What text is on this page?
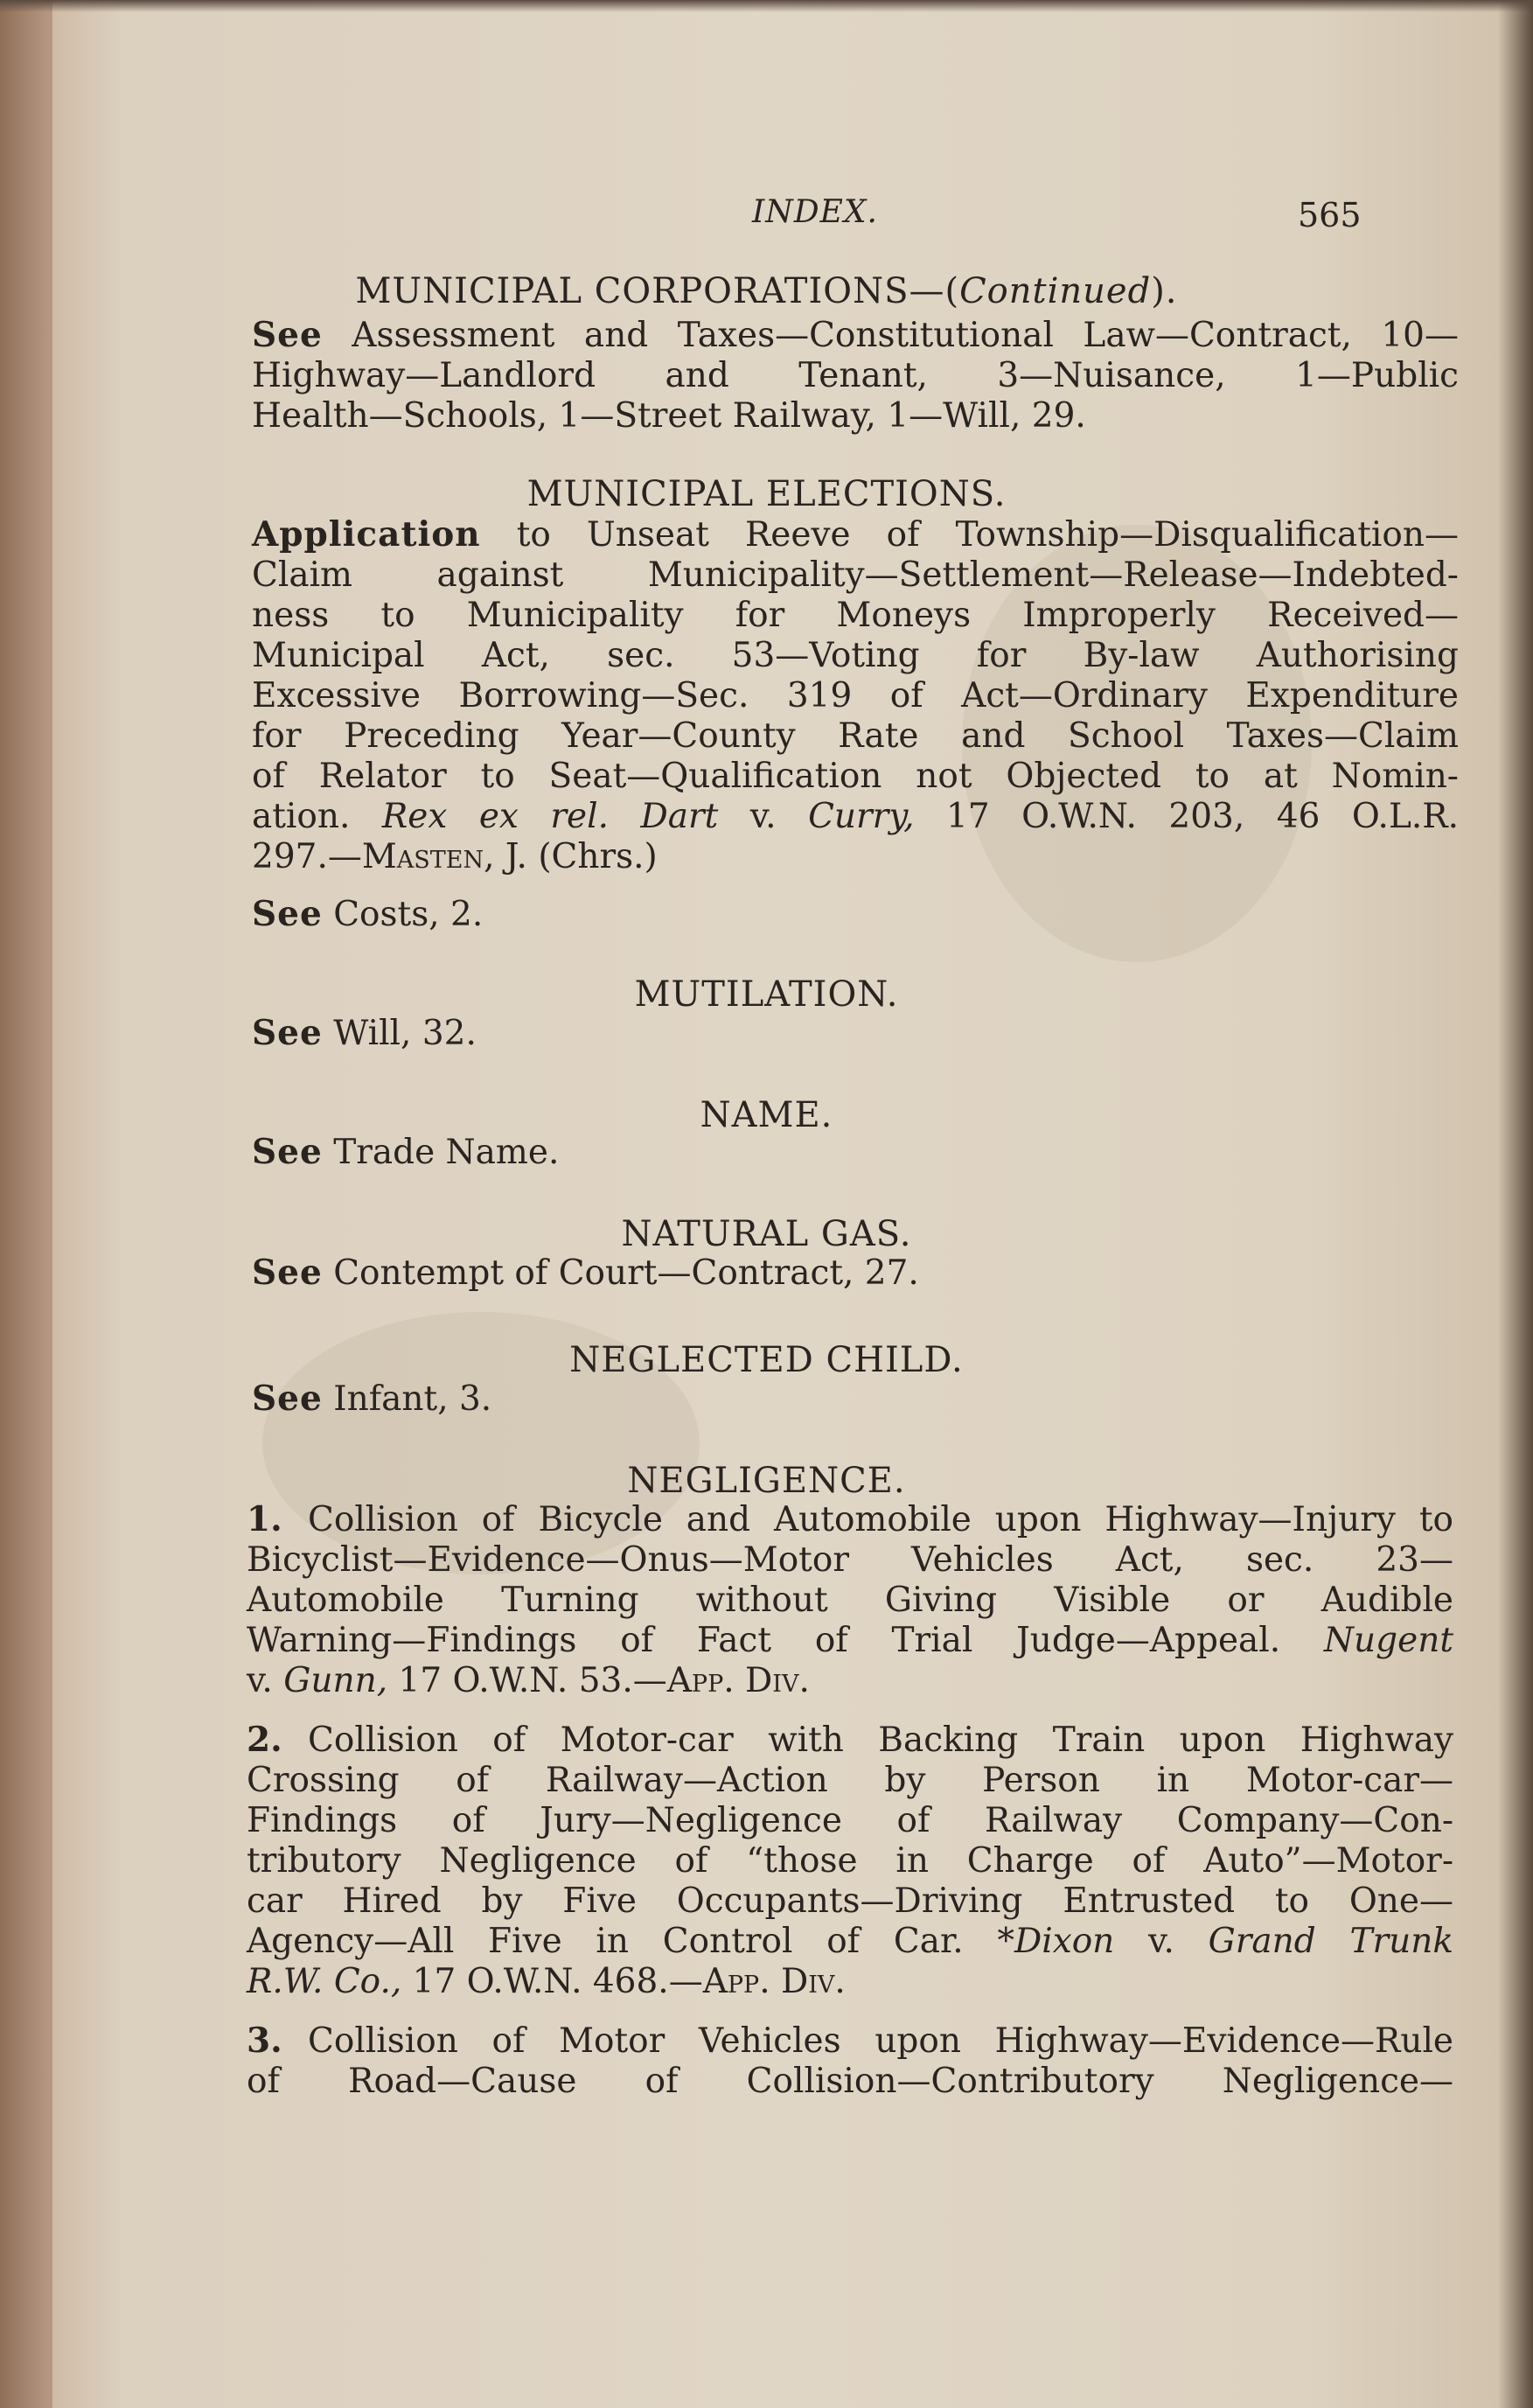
INDEX.	565
MUNICIPAL CORPORATIONS—(Continued).
See Assessment and Taxes—Constitutional Law—Contract, 10—
Highway—Landlord and Tenant, 3—Nuisance, 1—Public
Health—Schools, 1—Street Railway, 1—Will, 29.
MUNICIPAL ELECTIONS.
Application to Unseat Reeve of Township—Disqualification—
Claim against Municipality—Settlement—Release—Indebted-
ness to Municipality for Moneys Improperly Received—
Municipal Act, sec. 53—Voting for By-law Authorising
Excessive Borrowing—Sec. 319 of Act—Ordinary Expenditure
for Preceding Year—County Rate and School Taxes—Claim
of Relator to Seat—Qualification not Objected to at Nomin-
ation. Rex ex rel. Dart v. Curry, 17 O.W.N. 203, 46 O.L.R.
297.—Masten, J. (Chrs.)
See Costs, 2.
MUTILATION.
See Will, 32.
NAME.
See Trade Name.
NATURAL GAS.
See Contempt of Court—Contract, 27.
NEGLECTED CHILD.
See Infant, 3.
NEGLIGENCE.
1. Collision of Bicycle and Automobile upon Highway—Injury to
Bicyclist—Evidence—Onus—Motor Vehicles Act, sec. 23—
Automobile Turning without Giving Visible or Audible
Warning—Findings of Fact of Trial Judge—Appeal. Nugent
v. Gunn, 17 O.W.N. 53.—App. Div.
2. Collision of Motor-car with Backing Train upon Highway
Crossing of Railway—Action by Person in Motor-car—
Findings of Jury—Negligence of Railway Company—Con-
tributory Negligence of “those in Charge of Auto”—Motor-
car Hired by Five Occupants—Driving Entrusted to One—
Agency—All Five in Control of Car. *Dixon v. Grand Trunk
R.W. Co., 17 O.W.N. 468.—App. Div.
3. Collision of Motor Vehicles upon Highway—Evidence—Rule
of Road—Cause of Collision—Contributory Negligence—
